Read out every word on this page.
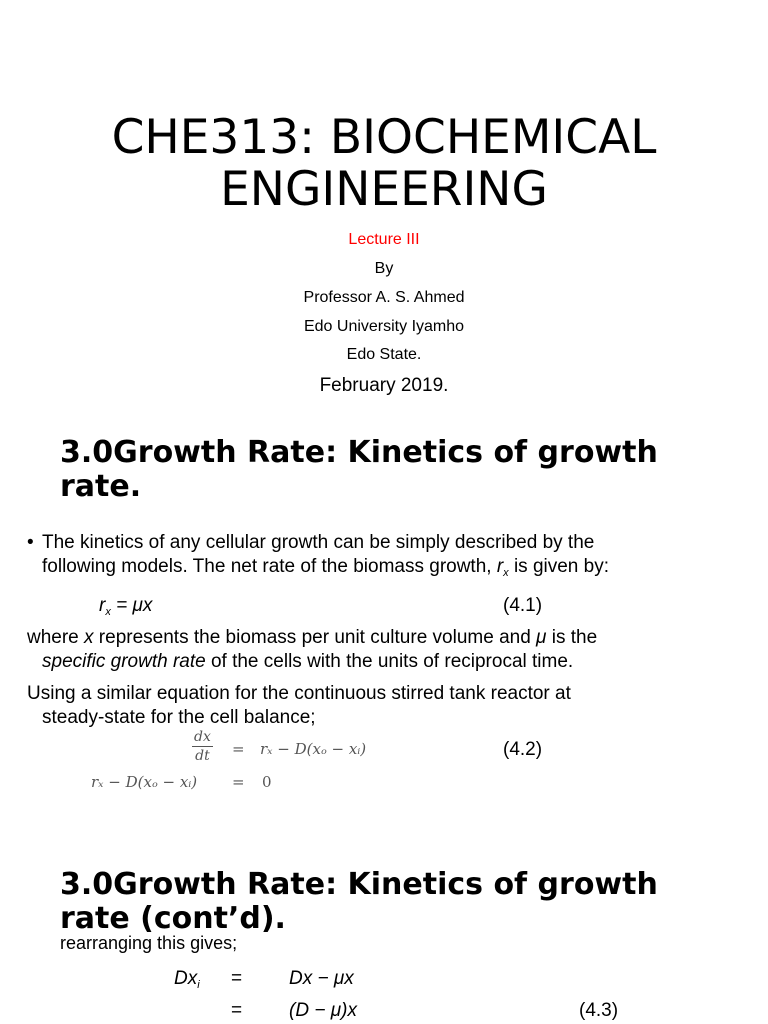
CHE313: BIOCHEMICAL
ENGINEERING
Lecture III
By
Professor A. S. Ahmed
Edo University Iyamho
Edo State.
February 2019.
3.0Growth Rate: Kinetics of growth
rate.
• The kinetics of any cellular growth can be simply described by the
following models. The net rate of the biomass growth, $r_x$ is given by:
$r_x = \mu x$	(4.1)
where x represents the biomass per unit culture volume and μ is the
specific growth rate of the cells with the units of reciprocal time.
Using a similar equation for the continuous stirred tank reactor at
steady-state for the cell balance;
$\frac{dx}{dt} = r_x - D(x_o$ − xᵢ)	(4.2)
rₓ − D(xₒ − xᵢ) = 0
3.0Growth Rate: Kinetics of growth
rate (cont’d).
rearranging this gives;
$Dx_i = Dx - \mu x$
= (D − μ)x	(4.3)
